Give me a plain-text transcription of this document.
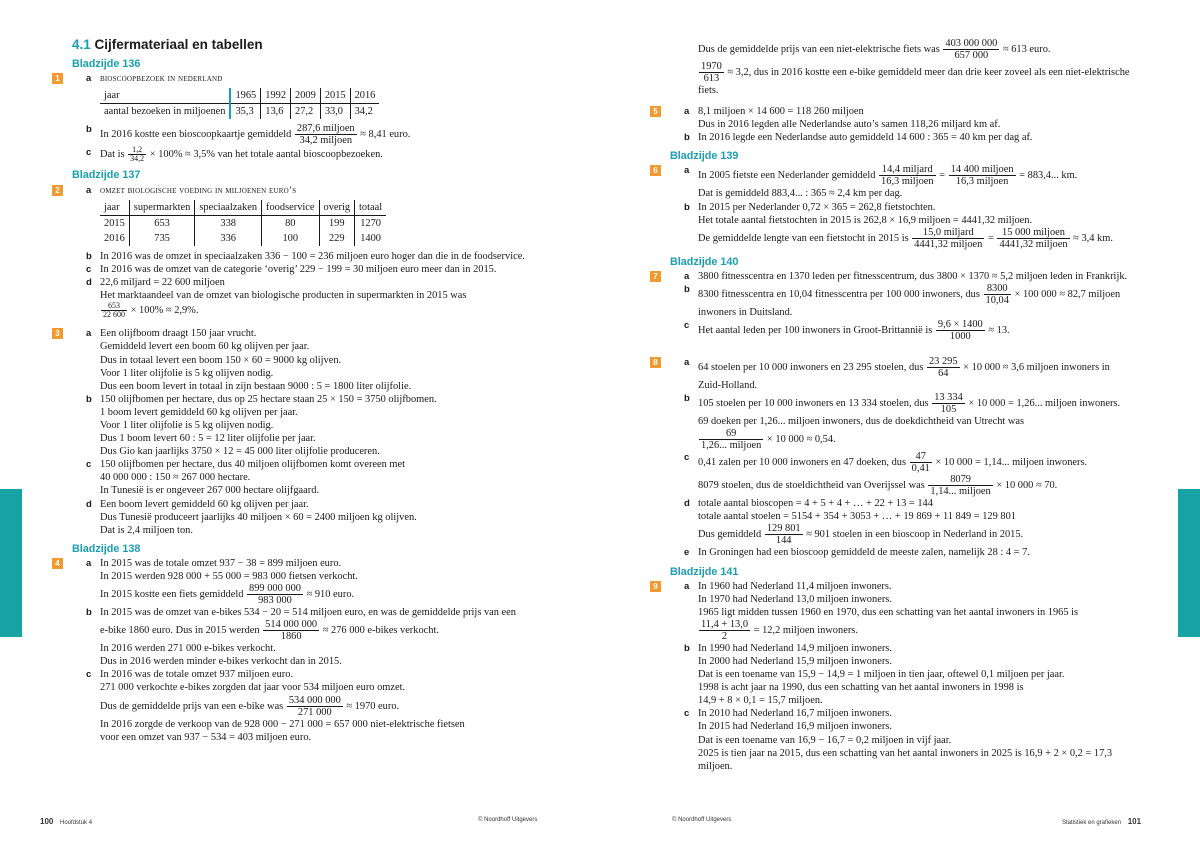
4.1 Cijfermateriaal en tabellen
Bladzijde 136
1	a bioscoopbezoek in nederland
jaar	1965	1992	2009	2015	2016
aantal bezoeken in miljoenen	35,3	13,6	27,2	33,0	34,2
b In 2016 kostte een bioscoopkaartje gemiddeld $\frac{\text{287,6 miljoen}}{\text{34,2 miljoen}} \approx 8,41$ euro.
c Dat is $\frac{1,2}{34,2} \times 100\% \approx 3,5\%$ van het totale aantal bioscoopbezoeken.
Bladzijde 137
2	a omzet biologische voeding in miljoenen euro’s
jaar	supermarkten	speciaalzaken	foodservice	overig	totaal
2015	653	338	80	199	1270
2016	735	336	100	229	1400
b In 2016 was de omzet in speciaalzaken 336 − 100 = 236 miljoen euro hoger dan die in de foodservice.
c In 2016 was de omzet van de categorie ‘overig’ 229 − 199 = 30 miljoen euro meer dan in 2015.
d 22,6 miljard = 22 600 miljoen
Het marktaandeel van de omzet van biologische producten in supermarkten in 2015 was
$\frac{653}{22 600} \times 100\% \approx 2,9\%$.
3	a Een olijfboom draagt 150 jaar vrucht.
Gemiddeld levert een boom 60 kg olijven per jaar.
Dus in totaal levert een boom 150 × 60 = 9000 kg olijven.
Voor 1 liter olijfolie is 5 kg olijven nodig.
Dus een boom levert in totaal in zijn bestaan 9000 : 5 = 1800 liter olijfolie.
b 150 olijfbomen per hectare, dus op 25 hectare staan 25 × 150 = 3750 olijfbomen.
1 boom levert gemiddeld 60 kg olijven per jaar.
Voor 1 liter olijfolie is 5 kg olijven nodig.
Dus 1 boom levert 60 : 5 = 12 liter olijfolie per jaar.
Dus Gio kan jaarlijks 3750 × 12 = 45 000 liter olijfolie produceren.
c 150 olijfbomen per hectare, dus 40 miljoen olijfbomen komt overeen met
40 000 000 : 150 ≈ 267 000 hectare.
In Tunesië is er ongeveer 267 000 hectare olijfgaard.
d Een boom levert gemiddeld 60 kg olijven per jaar.
Dus Tunesië produceert jaarlijks 40 miljoen × 60 = 2400 miljoen kg olijven.
Dat is 2,4 miljoen ton.
Bladzijde 138
4	a In 2015 was de totale omzet 937 − 38 = 899 miljoen euro.
In 2015 werden 928 000 + 55 000 = 983 000 fietsen verkocht.
In 2015 kostte een fiets gemiddeld $\frac{899 000 000}{983 000} \approx 910$ euro.
b In 2015 was de omzet van e-bikes 534 − 20 = 514 miljoen euro, en was de gemiddelde prijs van een
e-bike 1860 euro. Dus in 2015 werden $\frac{514 000 000}{1860} \approx 276$ 000 e-bikes verkocht.
In 2016 werden 271 000 e-bikes verkocht.
Dus in 2016 werden minder e-bikes verkocht dan in 2015.
c In 2016 was de totale omzet 937 miljoen euro.
271 000 verkochte e-bikes zorgden dat jaar voor 534 miljoen euro omzet.
Dus de gemiddelde prijs van een e-bike was $\frac{534 000 000}{271 000} \approx 1970$ euro.
In 2016 zorgde de verkoop van de 928 000 − 271 000 = 657 000 niet-elektrische fietsen
voor een omzet van 937 − 534 = 403 miljoen euro.
Dus de gemiddelde prijs van een niet-elektrische fiets was $\frac{403 000 000}{657 000} \approx 613$ euro.
$\frac{1970}{613} \approx 3,2$, dus in 2016 kostte een e-bike gemiddeld meer dan drie keer zoveel als een niet-elektrische fiets.
5	a 8,1 miljoen × 14 600 = 118 260 miljoen
Dus in 2016 legden alle Nederlandse auto’s samen 118,26 miljard km af.
b In 2016 legde een Nederlandse auto gemiddeld 14 600 : 365 = 40 km per dag af.
Bladzijde 139
6	a In 2005 fietste een Nederlander gemiddeld $\frac{\text{14,4 miljard}}{\text{16,3 miljoen}} = \frac{\text{14 400 miljoen}}{\text{16,3 miljoen}} = 883,4$... km.
Dat is gemiddeld 883,4... : 365 ≈ 2,4 km per dag.
b In 2015 per Nederlander 0,72 × 365 = 262,8 fietstochten.
Het totale aantal fietstochten in 2015 is 262,8 × 16,9 miljoen = 4441,32 miljoen.
De gemiddelde lengte van een fietstocht in 2015 is $\frac{\text{15,0 miljard}}{\text{4441,32 miljoen}} = \frac{\text{15 000 miljoen}}{\text{4441,32 miljoen}} \approx 3,4$ km.
Bladzijde 140
7	a 3800 fitnesscentra en 1370 leden per fitnesscentrum, dus 3800 × 1370 ≈ 5,2 miljoen leden in Frankrijk.
b 8300 fitnesscentra en 10,04 fitnesscentra per 100 000 inwoners, dus $\frac{8300}{10,04} \times 100$ 000 ≈ 82,7 miljoen
inwoners in Duitsland.
c Het aantal leden per 100 inwoners in Groot-Brittannië is $\frac{9,6 \times 1400}{1000} \approx 13$.
8	a 64 stoelen per 10 000 inwoners en 23 295 stoelen, dus $\frac{23 295}{64} \times 10$ 000 ≈ 3,6 miljoen inwoners in
Zuid-Holland.
b 105 stoelen per 10 000 inwoners en 13 334 stoelen, dus $\frac{13 334}{105} \times 10$ 000 = 1,26... miljoen inwoners.
69 doeken per 1,26... miljoen inwoners, dus de doekdichtheid van Utrecht was
$\frac{69}{\text{1,26... miljoen}} \times 10$ 000 ≈ 0,54.
c 0,41 zalen per 10 000 inwoners en 47 doeken, dus $\frac{47}{0,41} \times 10$ 000 = 1,14... miljoen inwoners.
8079 stoelen, dus de stoeldichtheid van Overijssel was $\frac{8079}{\text{1,14... miljoen}} \times 10$ 000 ≈ 70.
d totale aantal bioscopen = 4 + 5 + 4 + … + 22 + 13 = 144
totale aantal stoelen = 5154 + 354 + 3053 + … + 19 869 + 11 849 = 129 801
Dus gemiddeld $\frac{129 801}{144} \approx 901$ stoelen in een bioscoop in Nederland in 2015.
e In Groningen had een bioscoop gemiddeld de meeste zalen, namelijk 28 : 4 = 7.
Bladzijde 141
9	a In 1960 had Nederland 11,4 miljoen inwoners.
In 1970 had Nederland 13,0 miljoen inwoners.
1965 ligt midden tussen 1960 en 1970, dus een schatting van het aantal inwoners in 1965 is
$\frac{11,4 + 13,0}{2} = 12,2$ miljoen inwoners.
b In 1990 had Nederland 14,9 miljoen inwoners.
In 2000 had Nederland 15,9 miljoen inwoners.
Dat is een toename van 15,9 − 14,9 = 1 miljoen in tien jaar, oftewel 0,1 miljoen per jaar.
1998 is acht jaar na 1990, dus een schatting van het aantal inwoners in 1998 is
14,9 + 8 × 0,1 = 15,7 miljoen.
c In 2010 had Nederland 16,7 miljoen inwoners.
In 2015 had Nederland 16,9 miljoen inwoners.
Dat is een toename van 16,9 − 16,7 = 0,2 miljoen in vijf jaar.
2025 is tien jaar na 2015, dus een schatting van het aantal inwoners in 2025 is 16,9 + 2 × 0,2 = 17,3 miljoen.
100 Hoofdstuk 4	© Noordhoff Uitgevers	© Noordhoff Uitgevers	Statistiek en grafieken 101
